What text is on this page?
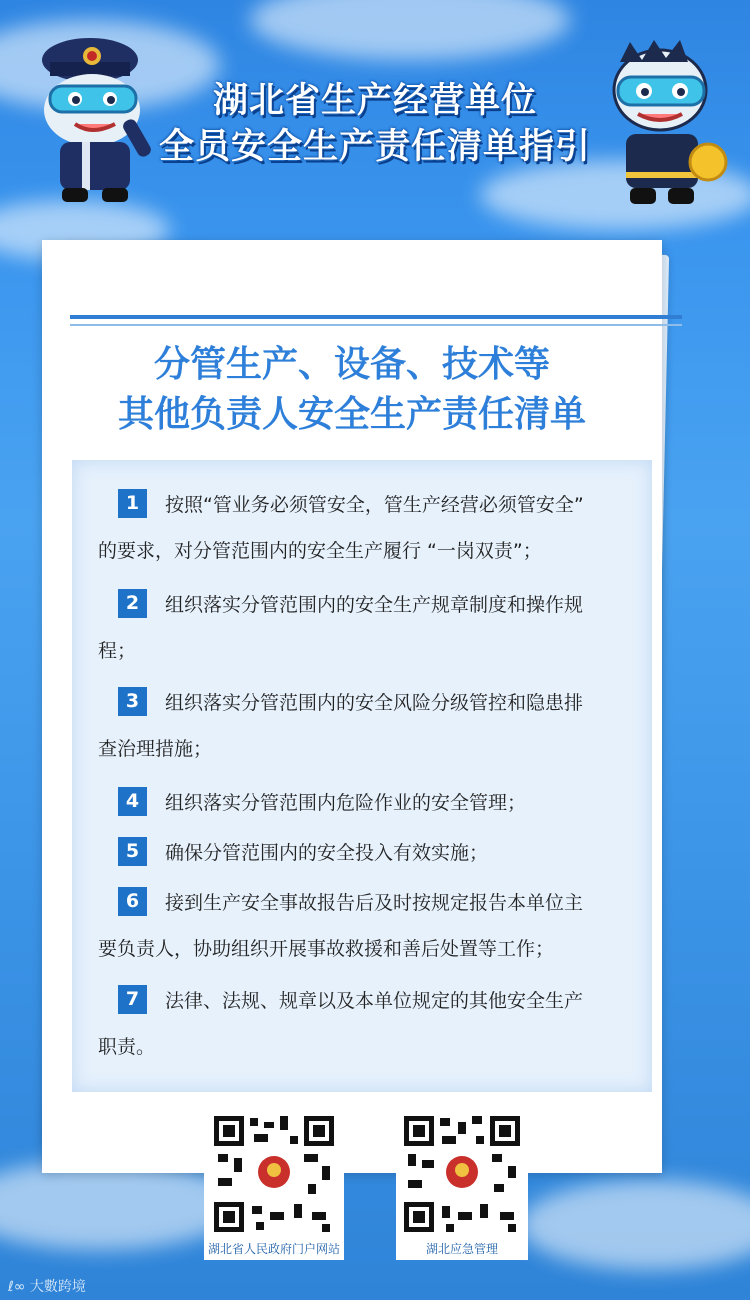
湖北省生产经营单位
全员安全生产责任清单指引
分管生产、设备、技术等
其他负责人安全生产责任清单
1 按照“管业务必须管安全，管生产经营必须管安全”
的要求，对分管范围内的安全生产履行 “一岗双责”；
2 组织落实分管范围内的安全生产规章制度和操作规
程；
3 组织落实分管范围内的安全风险分级管控和隐患排
查治理措施；
4 组织落实分管范围内危险作业的安全管理；
5 确保分管范围内的安全投入有效实施；
6 接到生产安全事故报告后及时按规定报告本单位主
要负责人，协助组织开展事故救援和善后处置等工作；
7 法律、法规、规章以及本单位规定的其他安全生产
职责。
湖北省人民政府门户网站	湖北应急管理
ℓ∞ 大數跨境
